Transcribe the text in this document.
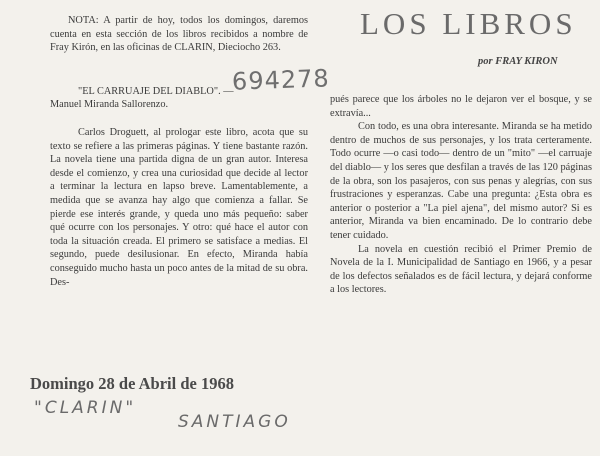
LOS LIBROS
por FRAY KIRON

NOTA: A partir de hoy, todos los domingos, daremos cuenta en esta sección de los libros recibidos a nombre de Fray Kirón, en las oficinas de CLARIN, Dieciocho 263.

"EL CARRUAJE DEL DIABLO". —

Manuel Miranda Sallorenzo.

Carlos Droguett, al prologar este libro, acota que su texto se refiere a las primeras páginas. Y tiene bastante razón. La novela tiene una partida digna de un gran autor. Interesa desde el comienzo, y crea una curiosidad que decide al lector a terminar la lectura en lapso breve. Lamentablemente, a medida que se avanza hay algo que comienza a fallar. Se pierde ese interés grande, y queda uno más pequeño: saber qué ocurre con los personajes. Y otro: qué hace el autor con toda la situación creada. El primero se satisface a medias. El segundo, puede desilusionar. En efecto, Miranda había conseguido mucho hasta un poco antes de la mitad de su obra. Des-

694278

pués parece que los árboles no le dejaron ver el bosque, y se extravía...

Con todo, es una obra interesante. Miranda se ha metido dentro de muchos de sus personajes, y los trata certeramente. Todo ocurre —o casi todo— dentro de un "mito" —el carruaje del diablo— y los seres que desfilan a través de las 120 páginas de la obra, son los pasajeros, con sus penas y alegrías, con sus frustraciones y esperanzas. Cabe una pregunta: ¿Esta obra es anterior o posterior a "La piel ajena", del mismo autor? Si es anterior, Miranda va bien encaminado. De lo contrario debe tener cuidado.

La novela en cuestión recibió el Primer Premio de Novela de la I. Municipalidad de Santiago en 1966, y a pesar de los defectos señalados es de fácil lectura, y dejará conforme a los lectores.

Domingo 28 de Abril de 1968
"CLARIN"
SANTIAGO
